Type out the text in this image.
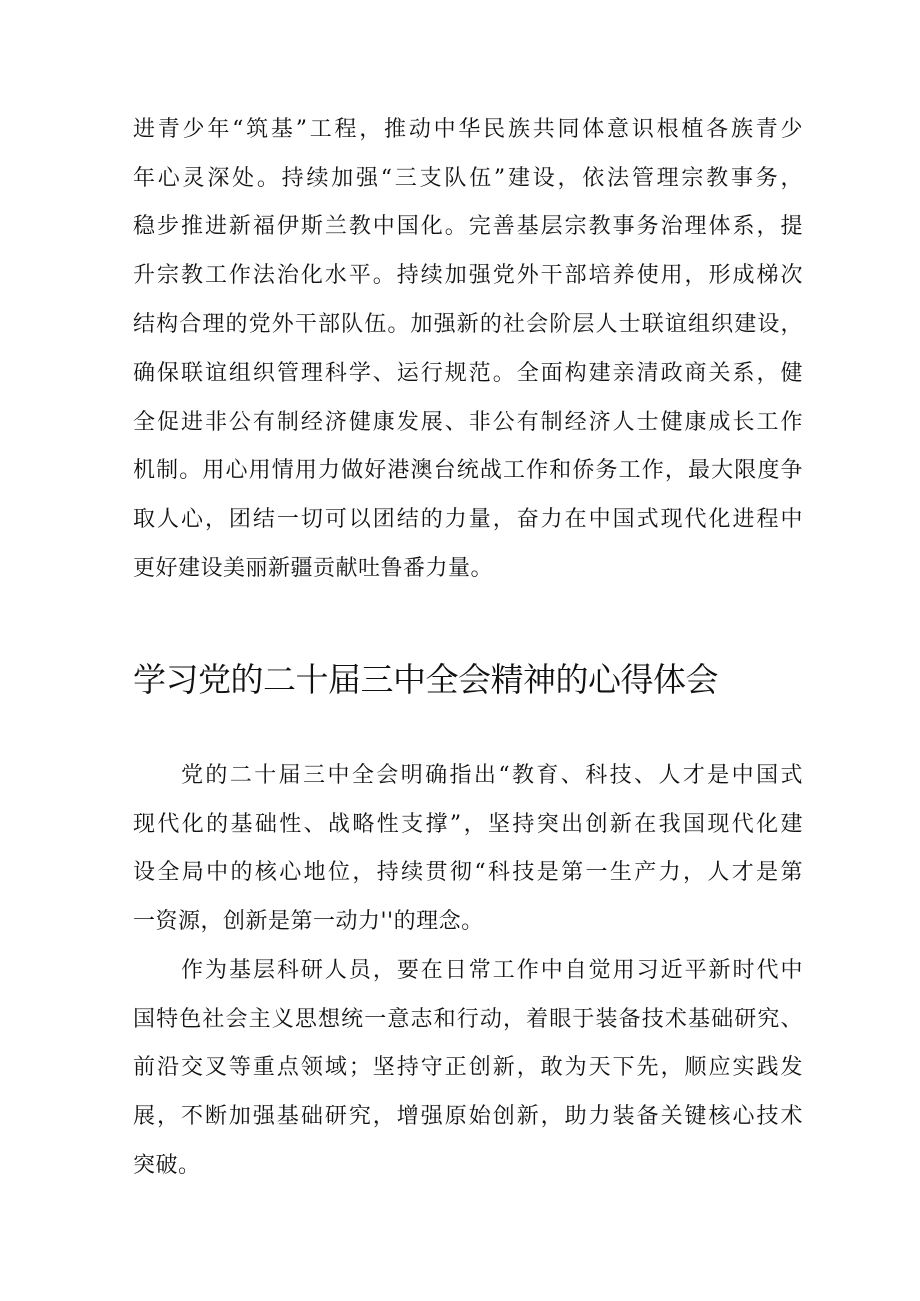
进青少年“筑基”工程，推动中华民族共同体意识根植各族青少
年心灵深处。持续加强“三支队伍”建设，依法管理宗教事务，
稳步推进新福伊斯兰教中国化。完善基层宗教事务治理体系，提
升宗教工作法治化水平。持续加强党外干部培养使用，形成梯次
结构合理的党外干部队伍。加强新的社会阶层人士联谊组织建设，
确保联谊组织管理科学、运行规范。全面构建亲清政商关系，健
全促进非公有制经济健康发展、非公有制经济人士健康成长工作
机制。用心用情用力做好港澳台统战工作和侨务工作，最大限度争
取人心，团结一切可以团结的力量，奋力在中国式现代化进程中
更好建设美丽新疆贡献吐鲁番力量。
学习党的二十届三中全会精神的心得体会
党的二十届三中全会明确指出“教育、科技、人才是中国式
现代化的基础性、战略性支撑”，坚持突出创新在我国现代化建
设全局中的核心地位，持续贯彻“科技是第一生产力，人才是第
一资源，创新是第一动力''的理念。
作为基层科研人员，要在日常工作中自觉用习近平新时代中
国特色社会主义思想统一意志和行动，着眼于装备技术基础研究、
前沿交叉等重点领域；坚持守正创新，敢为天下先，顺应实践发
展，不断加强基础研究，增强原始创新，助力装备关键核心技术
突破。
